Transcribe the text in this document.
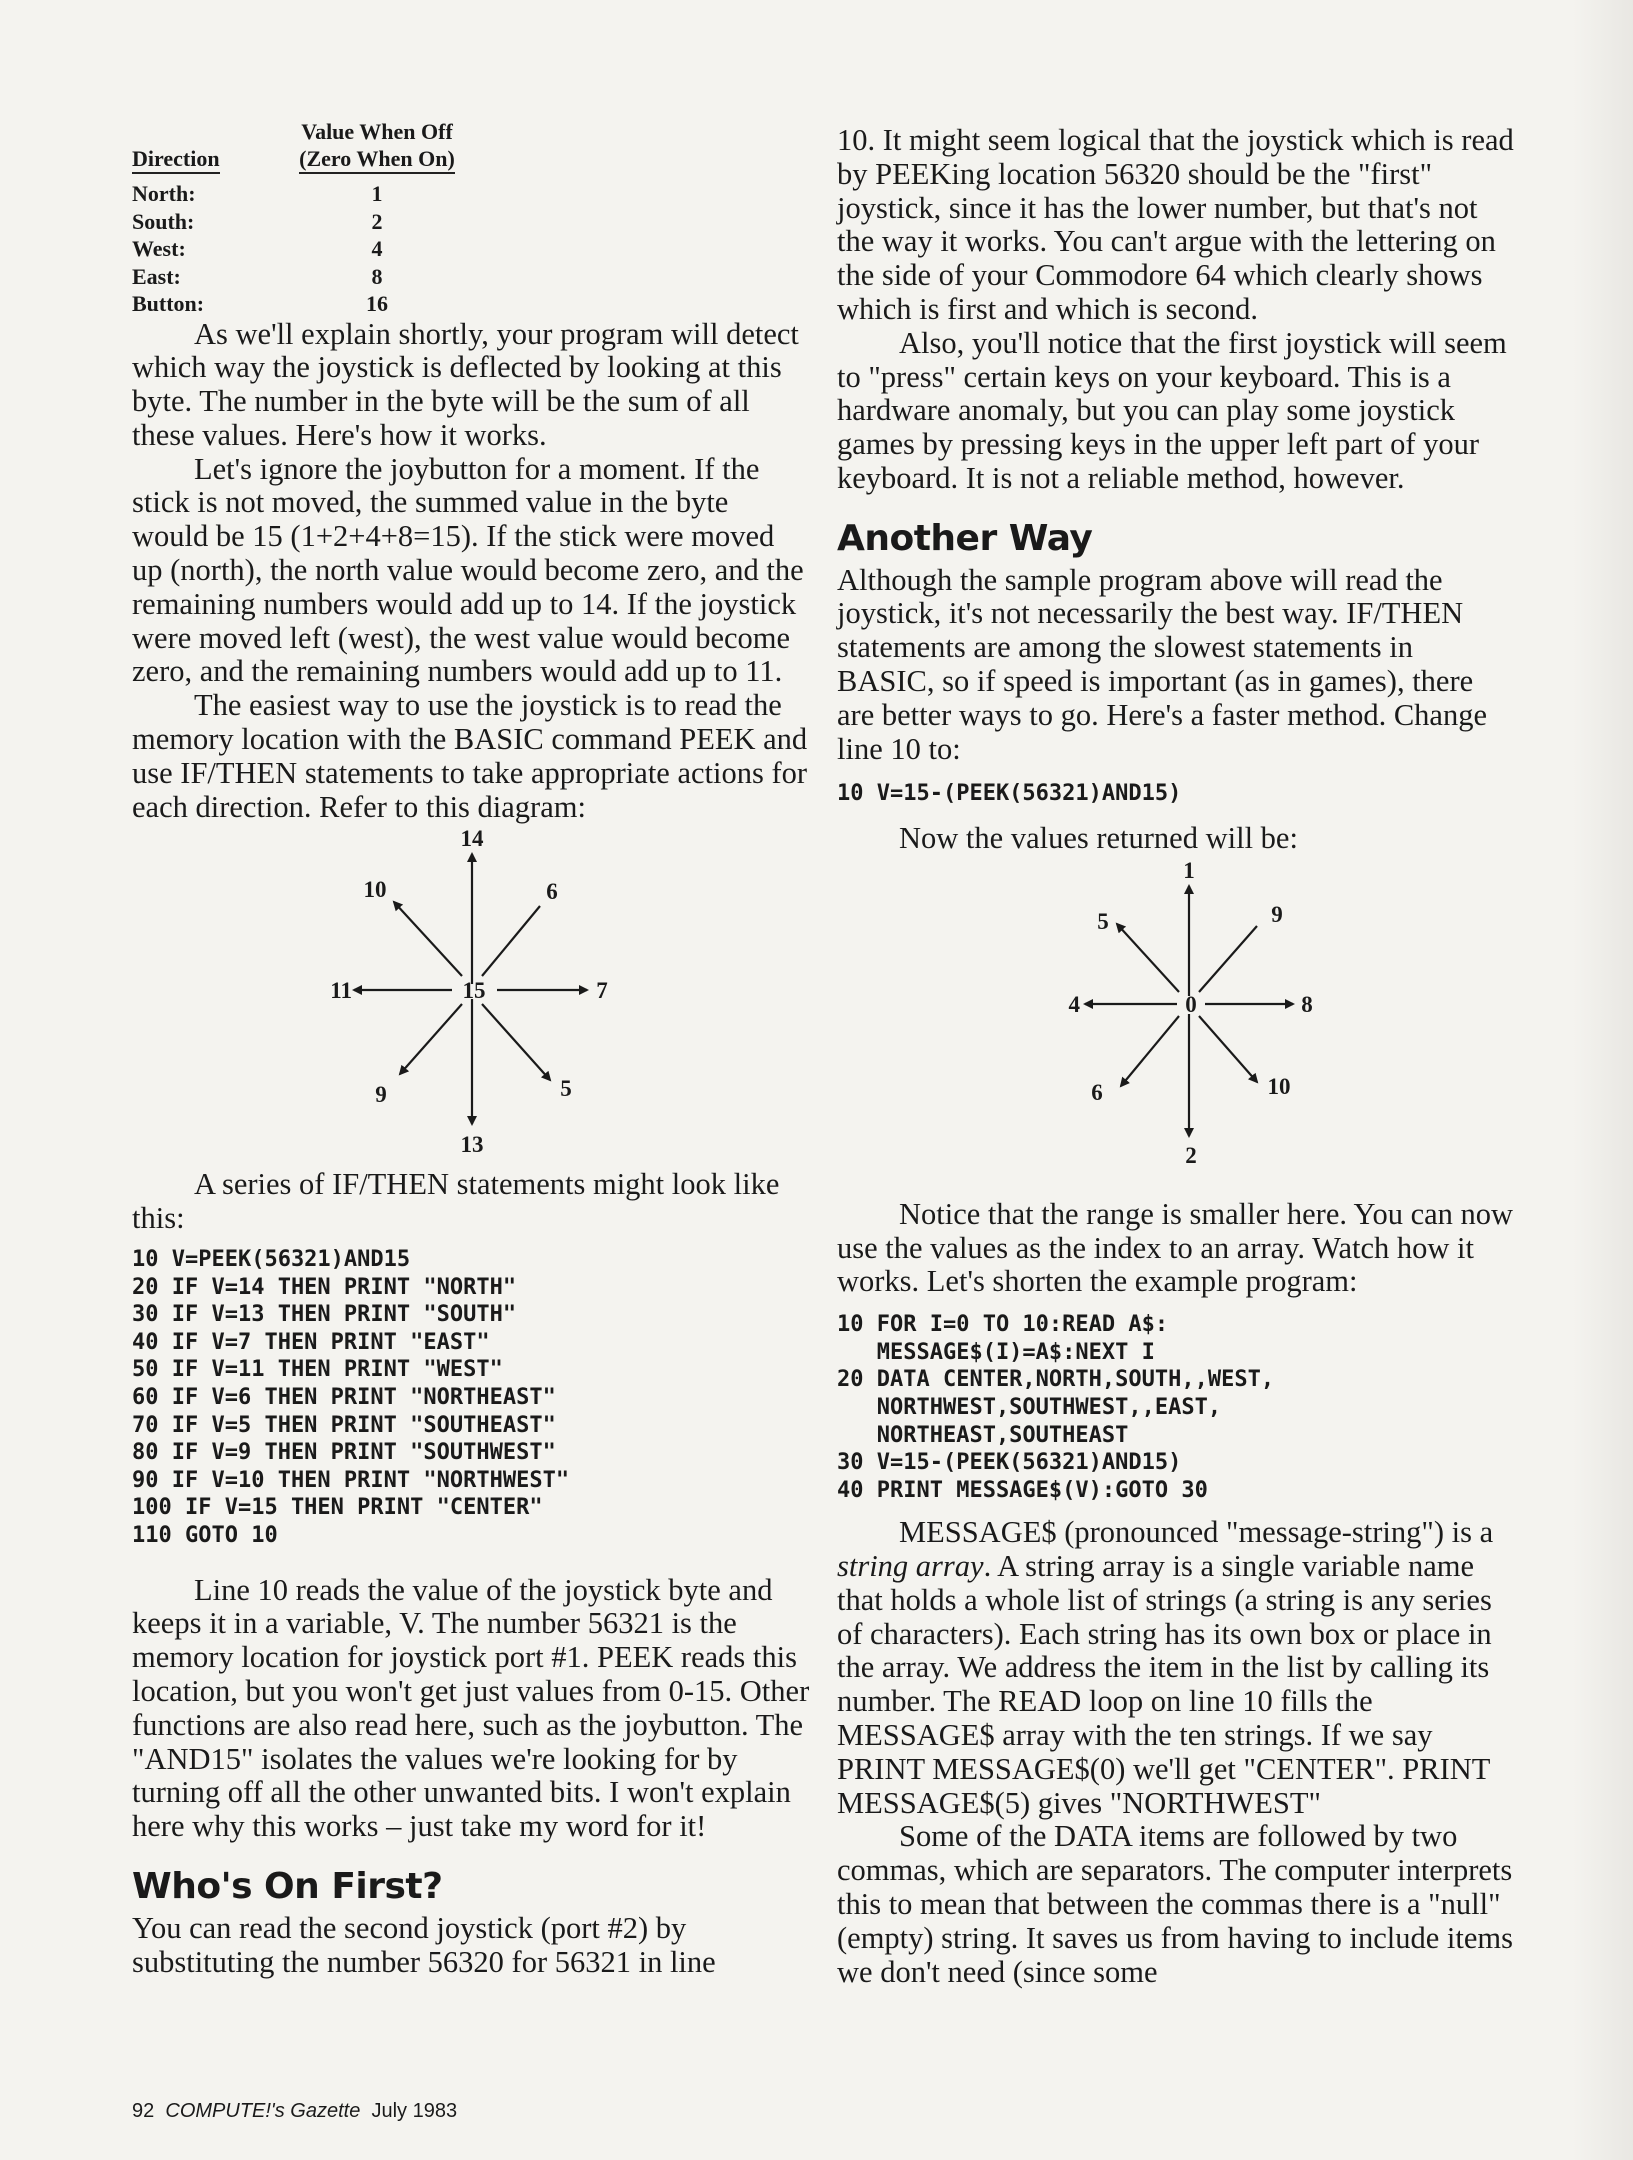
	Value When Off
Direction	(Zero When On)

North:	1
South:	2
West:	4
East:	8
Button:	16

As we'll explain shortly, your program will detect which way the joystick is deflected by looking at this byte. The number in the byte will be the sum of all these values. Here's how it works.

Let's ignore the joybutton for a moment. If the stick is not moved, the summed value in the byte would be 15 (1+2+4+8=15). If the stick were moved up (north), the north value would become zero, and the remaining numbers would add up to 14. If the joystick were moved left (west), the west value would become zero, and the remaining numbers would add up to 11.

The easiest way to use the joystick is to read the memory location with the BASIC command PEEK and use IF/THEN statements to take appropriate actions for each direction. Refer to this diagram:

14
6
7
5
13
9
11
10
15

A series of IF/THEN statements might look like this:

10 V=PEEK(56321)AND15
20 IF V=14 THEN PRINT "NORTH"
30 IF V=13 THEN PRINT "SOUTH"
40 IF V=7 THEN PRINT "EAST"
50 IF V=11 THEN PRINT "WEST"
60 IF V=6 THEN PRINT "NORTHEAST"
70 IF V=5 THEN PRINT "SOUTHEAST"
80 IF V=9 THEN PRINT "SOUTHWEST"
90 IF V=10 THEN PRINT "NORTHWEST"
100 IF V=15 THEN PRINT "CENTER"
110 GOTO 10

Line 10 reads the value of the joystick byte and keeps it in a variable, V. The number 56321 is the memory location for joystick port #1. PEEK reads this location, but you won't get just values from 0-15. Other functions are also read here, such as the joybutton. The "AND15" isolates the values we're looking for by turning off all the other unwanted bits. I won't explain here why this works – just take my word for it!

Who's On First?

You can read the second joystick (port #2) by substituting the number 56320 for 56321 in line

10. It might seem logical that the joystick which is read by PEEKing location 56320 should be the "first" joystick, since it has the lower number, but that's not the way it works. You can't argue with the lettering on the side of your Commodore 64 which clearly shows which is first and which is second.

Also, you'll notice that the first joystick will seem to "press" certain keys on your keyboard. This is a hardware anomaly, but you can play some joystick games by pressing keys in the upper left part of your keyboard. It is not a reliable method, however.

Another Way

Although the sample program above will read the joystick, it's not necessarily the best way. IF/THEN statements are among the slowest statements in BASIC, so if speed is important (as in games), there are better ways to go. Here's a faster method. Change line 10 to:

10 V=15-(PEEK(56321)AND15)

Now the values returned will be:

1
9
8
10
2
6
4
5
0

Notice that the range is smaller here. You can now use the values as the index to an array. Watch how it works. Let's shorten the example program:

10 FOR I=0 TO 10:READ A$:
MESSAGE$(I)=A$:NEXT I
20 DATA CENTER,NORTH,SOUTH,,WEST,
NORTHWEST,SOUTHWEST,,EAST,
NORTHEAST,SOUTHEAST
30 V=15-(PEEK(56321)AND15)
40 PRINT MESSAGE$(V):GOTO 30

MESSAGE$ (pronounced "message-string") is a string array. A string array is a single variable name that holds a whole list of strings (a string is any series of characters). Each string has its own box or place in the array. We address the item in the list by calling its number. The READ loop on line 10 fills the MESSAGE$ array with the ten strings. If we say PRINT MESSAGE$(0) we'll get "CENTER". PRINT MESSAGE$(5) gives "NORTHWEST"

Some of the DATA items are followed by two commas, which are separators. The computer interprets this to mean that between the commas there is a "null" (empty) string. It saves us from having to include items we don't need (since some

92 COMPUTE!'s Gazette July 1983
